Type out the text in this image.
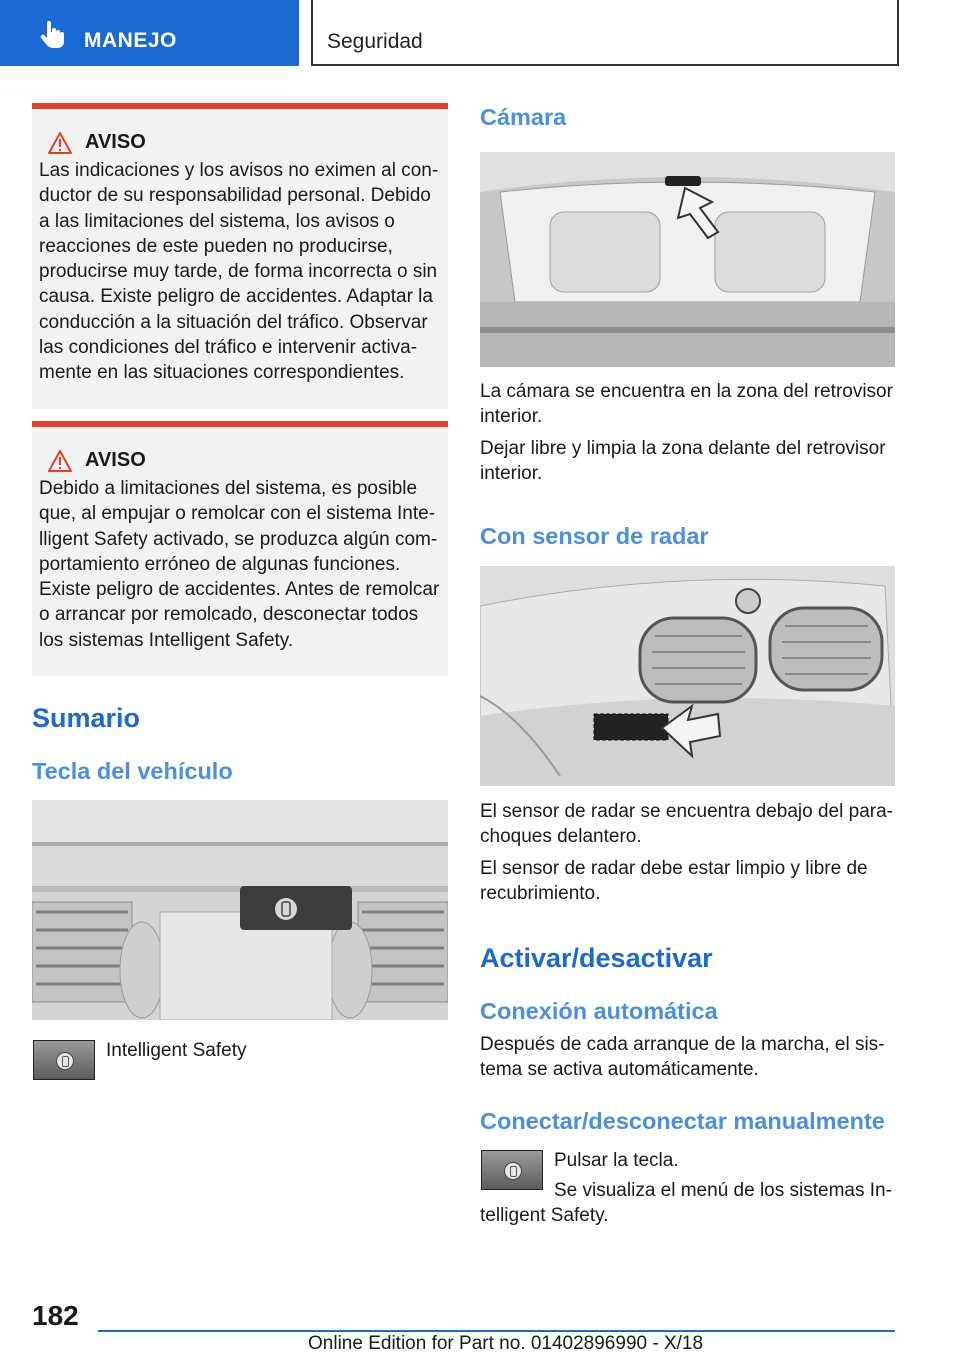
MANEJO	Seguridad
AVISO
Las indicaciones y los avisos no eximen al conductor de su responsabilidad personal. Debido a las limitaciones del sistema, los avisos o reacciones de este pueden no producirse, producirse muy tarde, de forma incorrecta o sin causa. Existe peligro de accidentes. Adaptar la conducción a la situación del tráfico. Observar las condiciones del tráfico e intervenir activamente en las situaciones correspondientes.
AVISO
Debido a limitaciones del sistema, es posible que, al empujar o remolcar con el sistema Intelligent Safety activado, se produzca algún comportamiento erróneo de algunas funciones. Existe peligro de accidentes. Antes de remolcar o arrancar por remolcado, desconectar todos los sistemas Intelligent Safety.
Sumario
Tecla del vehículo
Intelligent Safety
Cámara
La cámara se encuentra en la zona del retrovisor interior.
Dejar libre y limpia la zona delante del retrovisor interior.
Con sensor de radar
El sensor de radar se encuentra debajo del parachoques delantero.
El sensor de radar debe estar limpio y libre de recubrimiento.
Activar/desactivar
Conexión automática
Después de cada arranque de la marcha, el sistema se activa automáticamente.
Conectar/desconectar manualmente
Pulsar la tecla.
Se visualiza el menú de los sistemas Intelligent Safety.
182
Online Edition for Part no. 01402896990 - X/18
